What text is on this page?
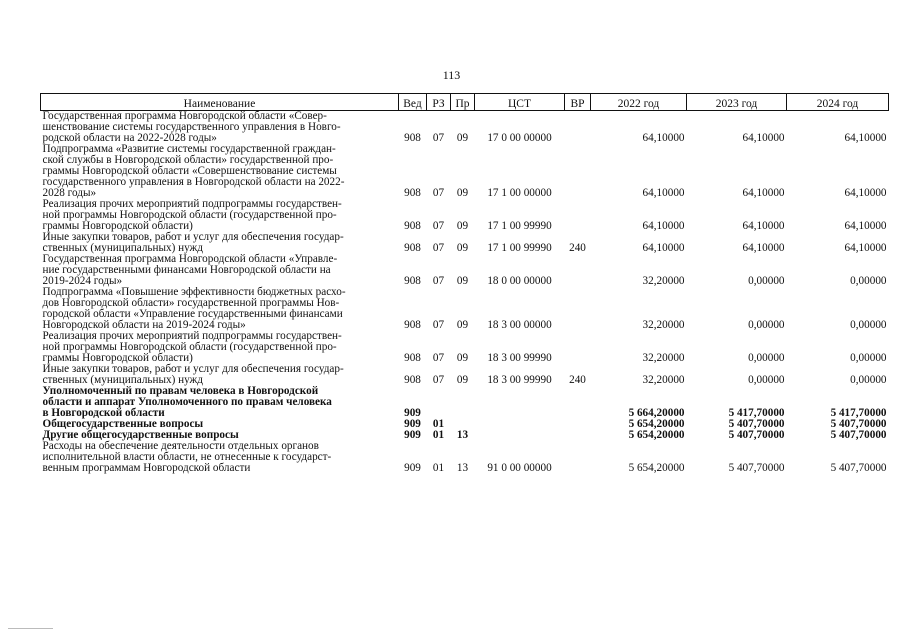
113
Наименование	Вед	РЗ	Пр	ЦСТ	ВР	2022 год	2023 год	2024 год

Государственная программа Новгородской области «Совер-
шенствование системы государственного управления в Новго-
родской области на 2022-2028 годы»	908	07	09	17 0 00 00000		64,10000	64,10000	64,10000

Подпрограмма «Развитие системы государственной граждан-
ской службы в Новгородской области» государственной про-
граммы Новгородской области «Совершенствование системы
государственного управления в Новгородской области на 2022-
2028 годы»	908	07	09	17 1 00 00000		64,10000	64,10000	64,10000

Реализация прочих мероприятий подпрограммы государствен-
ной программы Новгородской области (государственной про-
граммы Новгородской области)	908	07	09	17 1 00 99990		64,10000	64,10000	64,10000

Иные закупки товаров, работ и услуг для обеспечения государ-
ственных (муниципальных) нужд	908	07	09	17 1 00 99990	240	64,10000	64,10000	64,10000

Государственная программа Новгородской области «Управле-
ние государственными финансами Новгородской области на
2019-2024 годы»	908	07	09	18 0 00 00000		32,20000	0,00000	0,00000

Подпрограмма «Повышение эффективности бюджетных расхо-
дов Новгородской области» государственной программы Нов-
городской области «Управление государственными финансами
Новгородской области на 2019-2024 годы»	908	07	09	18 3 00 00000		32,20000	0,00000	0,00000

Реализация прочих мероприятий подпрограммы государствен-
ной программы Новгородской области (государственной про-
граммы Новгородской области)	908	07	09	18 3 00 99990		32,20000	0,00000	0,00000

Иные закупки товаров, работ и услуг для обеспечения государ-
ственных (муниципальных) нужд	908	07	09	18 3 00 99990	240	32,20000	0,00000	0,00000

Уполномоченный по правам человека в Новгородской
области и аппарат Уполномоченного по правам человека
в Новгородской области	909					5 664,20000	5 417,70000	5 417,70000

Общегосударственные вопросы	909	01				5 654,20000	5 407,70000	5 407,70000

Другие общегосударственные вопросы	909	01	13			5 654,20000	5 407,70000	5 407,70000

Расходы на обеспечение деятельности отдельных органов
исполнительной власти области, не отнесенные к государст-
венным программам Новгородской области	909	01	13	91 0 00 00000		5 654,20000	5 407,70000	5 407,70000
